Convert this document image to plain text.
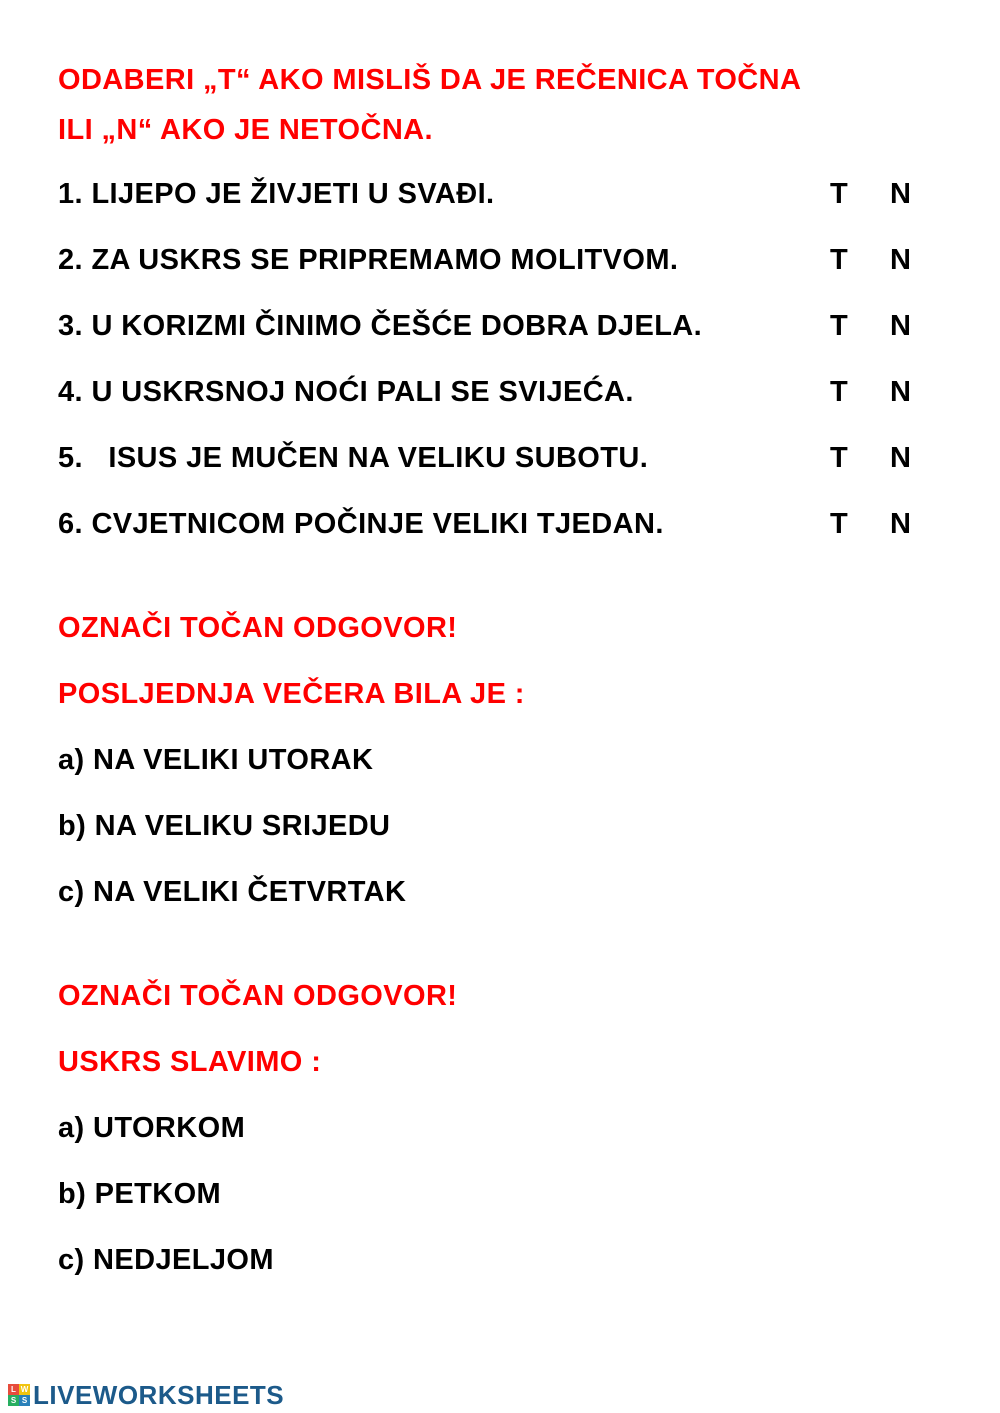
ODABERI „T“ AKO MISLIŠ DA JE REČENICA TOČNA
ILI „N“ AKO JE NETOČNA.
1. LIJEPO JE ŽIVJETI U SVAĐI.	T N
2. ZA USKRS SE PRIPREMAMO MOLITVOM.	T N
3. U KORIZMI ČINIMO ČEŠĆE DOBRA DJELA.	T N
4. U USKRSNOJ NOĆI PALI SE SVIJEĆA.	T N
5.   ISUS JE MUČEN NA VELIKU SUBOTU.	T N
6. CVJETNICOM POČINJE VELIKI TJEDAN.	T N
OZNAČI TOČAN ODGOVOR!
POSLJEDNJA VEČERA BILA JE :
a) NA VELIKI UTORAK
b) NA VELIKU SRIJEDU
c) NA VELIKI ČETVRTAK
OZNAČI TOČAN ODGOVOR!
USKRS SLAVIMO :
a) UTORKOM
b) PETKOM
c) NEDJELJOM
L W
S S LIVEWORKSHEETS
